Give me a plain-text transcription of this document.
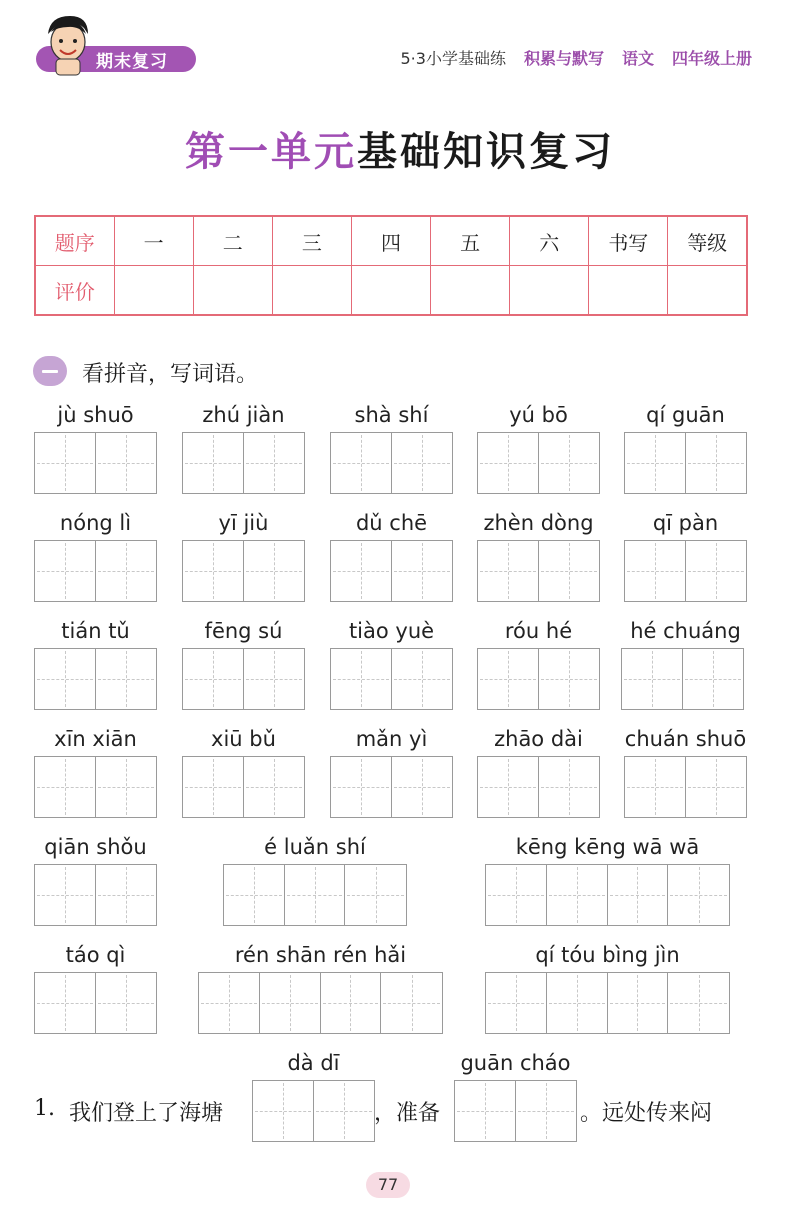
期末复习	5·3小学基础练 积累与默写 语文 四年级上册
第一单元基础知识复习
题序	一	二	三	四	五	六	书写	等级
评价								
看拼音，写词语。
jù shuō	zhú jiàn	shà shí	yú bō	qí guān
nóng lì	yī jiù	dǔ chē	zhèn dòng	qī pàn
tián tǔ	fēng sú	tiào yuè	róu hé	hé chuáng
xīn xiān	xiū bǔ	mǎn yì	zhāo dài	chuán shuō
qiān shǒu	é luǎn shí	kēng kēng wā wā
táo qì	rén shān rén hǎi	qí tóu bìng jìn
dà dī	guān cháo
1. 我们登上了海塘	，准备	。远处传来闷
77
